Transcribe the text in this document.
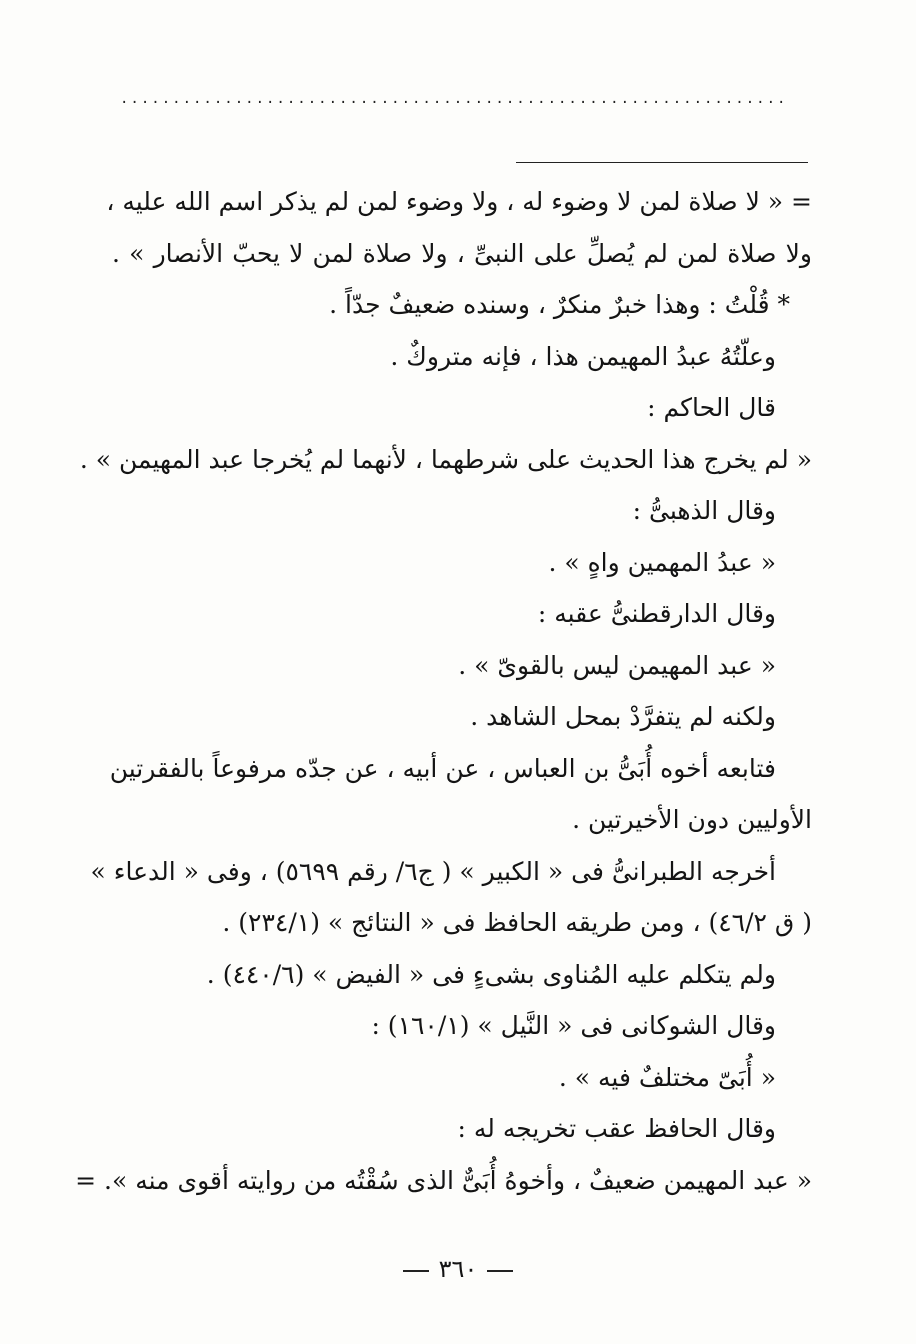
................................................................
= « لا صلاة لمن لا وضوء له ، ولا وضوء لمن لم يذكر اسم الله عليه ،
ولا صلاة لمن لم يُصلِّ على النبىِّ ، ولا صلاة لمن لا يحبّ الأنصار » .
* قُلْتُ : وهذا خبرٌ منكرٌ ، وسنده ضعيفٌ جدّاً .
وعلّتُهُ عبدُ المهيمن هذا ، فإنه متروكٌ .
قال الحاكم :
« لم يخرج هذا الحديث على شرطهما ، لأنهما لم يُخرجا عبد المهيمن » .
وقال الذهبىُّ :
« عبدُ المهمين واهٍ » .
وقال الدارقطنىُّ عقبه :
« عبد المهيمن ليس بالقوىّ » .
ولكنه لم يتفرَّدْ بمحل الشاهد .
فتابعه أخوه أُبَىُّ بن العباس ، عن أبيه ، عن جدّه مرفوعاً بالفقرتين
الأوليين دون الأخيرتين .
أخرجه الطبرانىُّ فى « الكبير » ( ج٦/ رقم ٥٦٩٩) ، وفى « الدعاء »
( ق ٤٦/٢) ، ومن طريقه الحافظ فى « النتائج » (٢٣٤/١) .
ولم يتكلم عليه المُناوى بشىءٍ فى « الفيض » (٤٤٠/٦) .
وقال الشوكانى فى « النَّيل » (١٦٠/١) :
« أُبَىّ مختلفٌ فيه » .
وقال الحافظ عقب تخريجه له :
« عبد المهيمن ضعيفٌ ، وأخوهُ أُبَىٌّ الذى سُقْتُه من روايته أقوى منه ». =
٣٦٠
